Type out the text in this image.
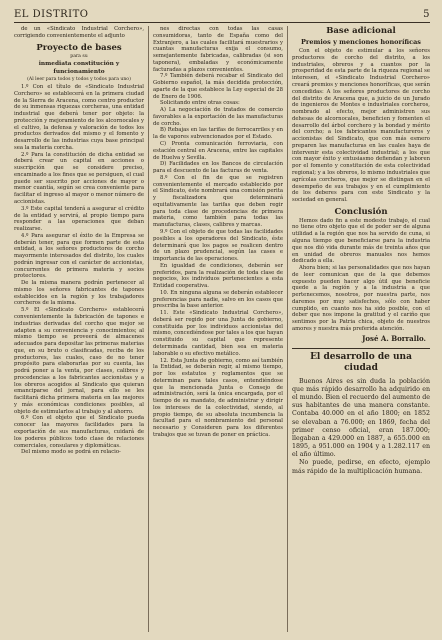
EL DISTRITO	5

de un «Sindicato Industrial Corchero», corrigiendo convenientemente el adjunto

Proyecto de bases

para su

inmediata constitución y funcionamiento

(Al leer para todos y todos y todos para uno)

1.º Con el título de «Sindicato Industrial Corchero» se establecerá en la primera ciudad de la Sierra de Aracena, como centro productor de su inmensas riquezas corcheras, una entidad industrial que deberá tener por objeto: la protección y mejoramiento de los alcornocales y el cultivo, la defensa y valoración de todos los productos derivados del mismo y el fomento y desarrollo de las industrias cuya base principal sea la materia corcha.

2.º Para la constitución de dicha entidad se deberá crear un capital en acciones o suscripción que se considere preciso, encaminado a los fines que se persiguen, el cual puede ser suscrito por acciones de mayor o menor cuantía, según se crea conveniente para facilitar el ingreso al mayor o menor número de accionistas.

3.º Este capital tenderá a asegurar el crédito de la entidad y servirá, al propio tiempo para responder a las operaciones que deban realizarse.

4.º Para asegurar el éxito de la Empresa se deberán tener, para que formen parte de esta entidad, a los señores productores de corcho mayormente interesados del distrito, los cuales podrán ingresar con el carácter de accionistas, concurrentes de primera materia y socios protectores.

De la misma manera podrán pertenecer al mismo los señores fabricantes de tapones establecidos en la región y los trabajadores corcheros de la misma.

5.º El «Sindicato Corchero» establecerá convenientemente la fabricación de tapones e industrias derivadas del corcho que mejor se adapten a su conveniencia y conocimientos; al mismo tiempo se proveerá de almacenes adecuados para depositar las primeras materias que, en su bruto o clasificadas, reciba de los productores, las cuales, caso de no tener propósito para elaborarlas por su cuenta, las podrá poner a la venta, por clases, calibres y procedencias a los fabricantes accionistas y a los obreros acogidos al Sindicato que quieran emanciparse del jornal, para ello se les facilitará dicha primera materia en las mejores y más económicas condiciones posibles, al objeto de estimularlos al trabajo y al ahorro.

6.º Con el objeto que el Sindicato pueda conocer las mayores facilidades para la exportación de sus manufacturas, cuidará de los poderes públicos todo clase de relaciones comerciales, consulares y diplomáticas.

Del mismo modo se podrá en relacio-

nes directas con todas las casas consumidoras, tanto de España como del Extranjero, a las cuales facilitará muestrarios y cuantas manufacturas exija el consumo, semejantemente fabricadas, calibradas (si son taponera), embaladas y económicamente facturadas a plazos convenientes.

7.º También deberá recabar el Sindicato del Gobierno español, la más decidida protección, aparte de la que establece la Ley especial de 28 de Enero de 1906.

Solicitando entre otras cosas:

A) La negociación de tratados de comercio favorables a la exportación de las manufacturas de corcho.

B) Rebajas en las tarifas de ferrocarriles y en la de vapores subvencionados por el Estado.

C) Pronta comunicación ferroviaria, con estación central en Aracena, entre las capitales de Huelva y Sevilla.

D) Facilidades en los Bancos de circulación para el descuento de las facturas de venta.

8.º Con el fin de que se registren convenientemente el mercado establecido por el Sindicato, éste nombrará una comisión perita y fiscalizadora que determinará equitativamente las tarifas que deben regir para toda clase de procedencias de primera materia, como también para todas las manufacturas, clases, calibres y marcas.

9.º Con el objeto de que todas las facilidades posibles a los operadores del Sindicato, éste determinará que los pagos se realicen dentro de un plazo prudencial, según las cases e importancia de las operaciones.

En igualdad de condiciones, deberán ser preferidos, para la realización de toda clase de negocios, los individuos pertenecientes a esta Entidad cooperativa.

10. En ninguna alguna se deberán establecer preferencias para nadie, salvo en los casos que prescriba la base anterior.

11. Este «Sindicato Industrial Corchero», deberá ser regido por una Junta de gobierno, constituida por los individuos accionistas del mismo, concediéndose por tales a los que hayan constituido su capital que represente determinada cantidad, bien sea en materia laborable o su efectivo metálico.

12. Esta Junta de gobierno, como así también la Entidad, se deberán regir, al mismo tiempo, por los estatutos y reglamentos que se determinan para tales casos, entendiéndose que la mencionada Junta o Consejo de administración, será la única encargada, por el tiempo de su mandato, de administrar y dirigir los intereses de la colectividad, siendo, al propio tiempo, de su absoluta incumbencia la facultad para el nombramiento del personal necesario y Consideren para los diferentes trabajos que se tuvan de poner en práctica.

Base adicional

Premios y menciones honoríficas

Con el objeto de estimular a los señores productores de corcho del distrito, a los industriales, obreros y a cuantos por la prosperidad de esta parte de la riqueza regional se interesen, el «Sindicato Industrial Corchero» creará premios y menciones honoríficas, que serán concedidas: A los señores productores de corcho del distrito de Aracena que, a juicio de un Jurado de ingenieros de Montes e industriales corcheros, nombrado al efecto, mejor administren sus dehesas de alcornocales, beneficien y fomenten el desarrollo del árbol corchero y la bondad y mérito del corcho; a los fabricantes manufactureros y accionistas del Sindicato, que con más esmero preparen las manufacturas en las cuales haya de intervenir esta colectividad industrial; a los que con mayor éxito y entusiasmo defiendan y laboren por el fomento y constitución de esta colectividad regional; y a los obreros, lo mismo industriales que agrícolas corcheros, que mejor se distingan en el desempeño de sus trabajos y en el cumplimiento de los deberes para con este Sindicato y la sociedad en general.

Conclusión

Hemos dado fin a este modesto trabajo, el cual no tiene otro objeto que el de poder ser de alguna utilidad a la región que nos ha servido de cuna, si alguna tiempo que beneficiarse para la industria que nos dió vida durante más de treinta años que en unidad de obreros manuales nos hemos dedicado a ella.

Ahora bien; si las personalidades que nos hayan de leer comunican que de la que debemos expuesto pueden hacer algo útil que beneficie quede a la región y a la industria a que pertenecemos, nosotros, por nuestra parte, nos daremos por muy satisfechos, sólo con haber cumplido, en cuanto nos ha sido posible, con el deber que nos impone la gratitud y el cariño que sentimos por la Patria chica, objeto de nuestros amores y nuestra más preferida atención.

José A. Borrallo.

El desarrollo de una ciudad

Buenos Aires es sin duda la población que más rápido desarrollo ha adquirido en el mundo. Bien el recuerdo del aumento de sus habitantes de una manera constante. Contaba 40.000 en el año 1800; en 1852 se elevaban a 76.000; en 1869, fecha del primer censo oficial, eran 187.000; llegaban a 429.000 en 1887, a 655.000 en 1895, a 951.000 en 1904 y a 1.282.117 en el año último.

No puede, pedirse, en efecto, ejemplo más rápido de la multiplicación humana.
